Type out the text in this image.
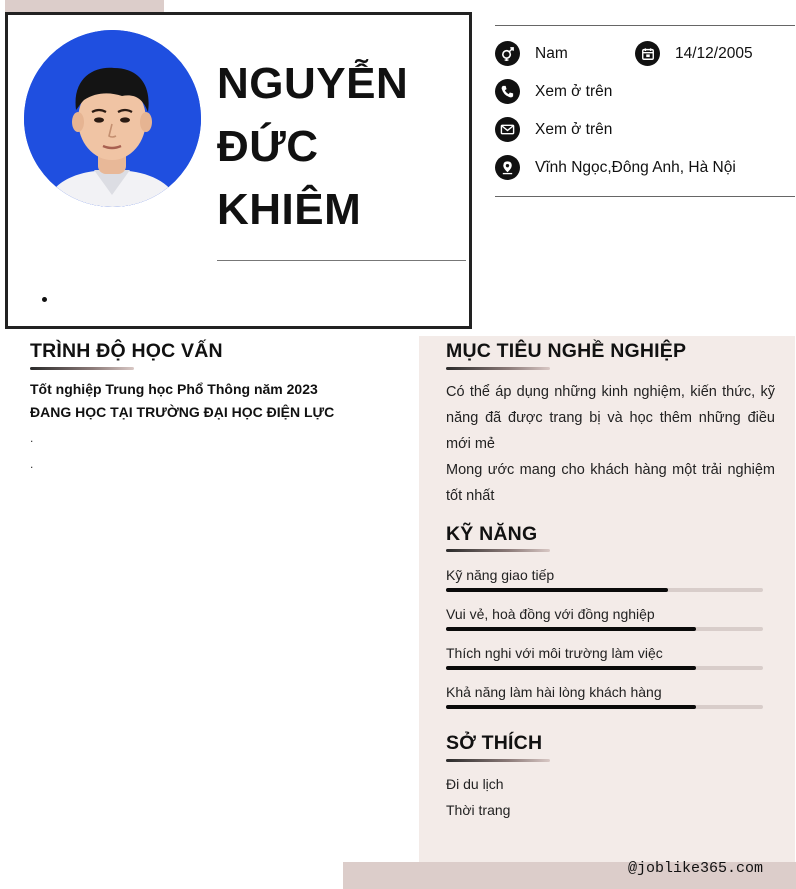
NGUYỄN
ĐỨC
KHIÊM
Nam	14/12/2005
Xem ở trên
Xem ở trên
Vĩnh Ngọc,Đông Anh, Hà Nội
TRÌNH ĐỘ HỌC VẤN
Tốt nghiệp Trung học Phổ Thông năm 2023
ĐANG HỌC TẠI TRƯỜNG ĐẠI HỌC ĐIỆN LỰC
.
.
MỤC TIÊU NGHỀ NGHIỆP
Có thể áp dụng những kinh nghiệm, kiến thức, kỹ năng đã được trang bị và học thêm những điều mới mẻ
Mong ước mang cho khách hàng một trải nghiệm tốt nhất
KỸ NĂNG
Kỹ năng giao tiếp
Vui vẻ, hoà đồng với đồng nghiệp
Thích nghi với môi trường làm việc
Khả năng làm hài lòng khách hàng
SỞ THÍCH
Đi du lịch
Thời trang
@joblike365.com
